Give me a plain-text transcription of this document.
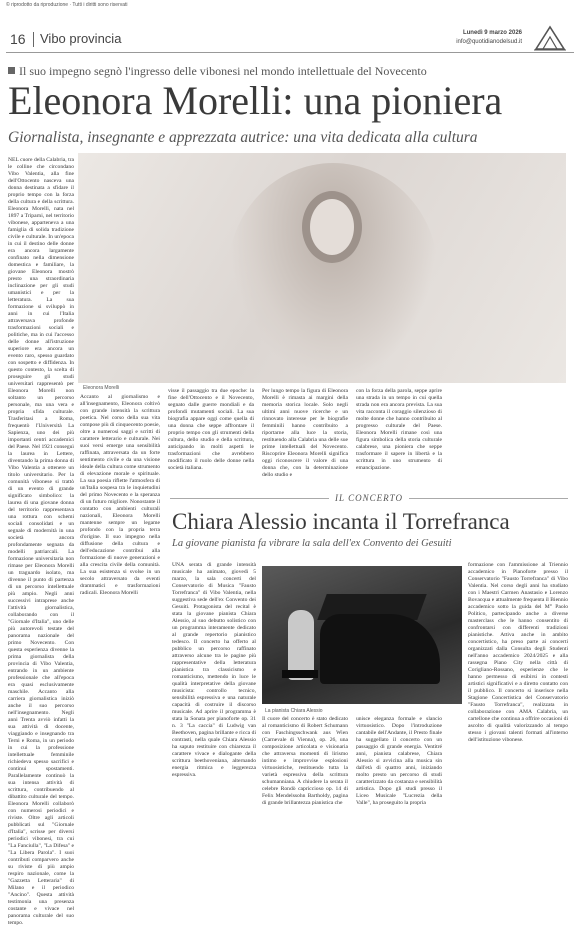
© riprodotto da riproduzione · Tutti i diritti sono riservati
16 Vibo provincia	Lunedì 9 marzo 2026
info@quotidianodelsud.it
Il suo impegno segnò l'ingresso delle vibonesi nel mondo intellettuale del Novecento
Eleonora Morelli: una pioniera
Giornalista, insegnante e apprezzata autrice: una vita dedicata alla cultura
Eleonora Morelli
NEL cuore della Calabria, tra le colline che circondano Vibo Valentia, alla fine dell'Ottocento nasceva una donna destinata a sfidare il proprio tempo con la forza della cultura e della scrittura. Eleonora Morelli, nata nel 1897 a Triparni, nel territorio vibonese, apparteneva a una famiglia di solida tradizione civile e culturale. In un'epoca in cui il destino delle donne era ancora largamente confinato nella dimensione domestica e familiare, la giovane Eleonora mostrò presto una straordinaria inclinazione per gli studi umanistici e per la letteratura. La sua formazione si sviluppò in anni in cui l'Italia attraversava profonde trasformazioni sociali e politiche, ma in cui l'accesso delle donne all'istruzione superiore era ancora un evento raro, spesso guardato con sospetto e diffidenza. In questo contesto, la scelta di proseguire gli studi universitari rappresentò per Eleonora Morelli non soltanto un percorso personale, ma una vera e propria sfida culturale. Trasferitasi a Roma, frequentò l'Università La Sapienza, uno dei più importanti centri accademici del Paese. Nel 1921 conseguì la laurea in Lettere, diventando la prima donna di Vibo Valentia a ottenere un titolo universitario. Per la comunità vibonese si trattò di un evento di grande significato simbolico: la laurea di una giovane donna del territorio rappresentava una rottura con schemi sociali consolidati e un segnale di modernità in una società ancora profondamente segnata da modelli patriarcali. La formazione universitaria non rimase per Eleonora Morelli un traguardo isolato, ma divenne il punto di partenza di un percorso intellettuale più ampio. Negli anni successivi intraprese anche l'attività giornalistica, collaborando con il "Giornale d'Italia", uno delle più autorevoli testate del panorama nazionale del primo Novecento. Con questa esperienza divenne la prima giornalista della provincia di Vibo Valentia, entrando in un ambiente professionale che all'epoca era quasi esclusivamente maschile. Accanto alla carriera giornalistica iniziò anche il suo percorso nell'insegnamento. Negli anni Trenta avviò infatti la sua attività di docente, viaggiando e insegnando tra Terni e Roma, in un periodo in cui la professione intellettuale femminile richiedeva spesso sacrifici e continui spostamenti. Parallelamente continuò la sua intensa attività di scrittura, contribuendo al dibattito culturale del tempo. Eleonora Morelli collaborò con numerosi periodici e riviste. Oltre agli articoli pubblicati sul "Giornale d'Italia", scrisse per diversi periodici vibonesi, tra cui "La Fanciulla", "La Difesa" e "La Libera Parola". I suoi contributi comparvero anche su riviste di più ampio respiro nazionale, come la "Gazzetta Letteraria" di Milano e il periodico "Ancino". Questa attività testimonia una presenza costante e vivace nel panorama culturale del suo tempo.
Accanto al giornalismo e all'insegnamento, Eleonora coltivò con grande intensità la scrittura poetica. Nel corso della sua vita compose più di cinquecento poesie, oltre a numerosi saggi e scritti di carattere letterario e culturale. Nei suoi versi emerge una sensibilità raffinata, attraversata da un forte sentimento civile e da una visione ideale della cultura come strumento di elevazione morale e spirituale. La sua poesia riflette l'atmosfera di un'Italia sospesa tra le inquietudini del primo Novecento e la speranza di un futuro migliore. Nonostante il contatto con ambienti culturali nazionali, Eleonora Morelli mantenne sempre un legame profondo con la propria terra d'origine. Il suo impegno nella diffusione della cultura e dell'educazione contribuì alla formazione di nuove generazioni e alla crescita civile della comunità. La sua esistenza si svolse in un secolo attraversato da eventi drammatici e trasformazioni radicali. Eleonora Morelli
visse il passaggio tra due epoche: la fine dell'Ottocento e il Novecento, segnato dalle guerre mondiali e da profondi mutamenti sociali. La sua biografia appare oggi come quella di una donna che seppe affrontare il proprio tempo con gli strumenti della cultura, dello studio e della scrittura, anticipando in molti aspetti le trasformazioni che avrebbero modificato il ruolo delle donne nella società italiana.
Per lungo tempo la figura di Eleonora Morelli è rimasta ai margini della memoria storica locale. Solo negli ultimi anni nuove ricerche e un rinnovato interesse per le biografie femminili hanno contribuito a riportarne alla luce la storia, restituendo alla Calabria una delle sue prime intellettuali del Novecento. Riscoprire Eleonora Morelli significa oggi riconoscere il valore di una donna che, con la determinazione dello studio e
con la forza della parola, seppe aprire una strada in un tempo in cui quella strada non era ancora prevista. La sua vita racconta il coraggio silenzioso di molte donne che hanno contribuito al progresso culturale del Paese. Eleonora Morelli rimane così una figura simbolica della storia culturale calabrese, una pioniera che seppe trasformare il sapere in libertà e la scrittura in uno strumento di emancipazione.
IL CONCERTO
Chiara Alessio incanta il Torrefranca
La giovane pianista fa vibrare la sala dell'ex Convento dei Gesuiti
La pianista Chiara Alessio
UNA serata di grande intensità musicale ha animato, giovedì 5 marzo, la sala concerti del Conservatorio di Musica "Fausto Torrefranca" di Vibo Valentia, nella suggestiva sede dell'ex Convento dei Gesuiti. Protagonista del recital è stata la giovane pianista Chiara Alessio, al suo debutto solistico con un programma interamente dedicato al grande repertorio pianistico tedesco. Il concerto ha offerto al pubblico un percorso raffinato attraverso alcune tra le pagine più rappresentative della letteratura pianistica tra classicismo e romanticismo, mettendo in luce le qualità interpretative della giovane musicista: controllo tecnico, sensibilità espressiva e una naturale capacità di costruire il discorso musicale. Ad aprire il programma è stata la Sonata per pianoforte op. 31 n. 3 "La caccia" di Ludwig van Beethoven, pagina brillante e ricca di contrasti, nella quale Chiara Alessio ha saputo restituire con chiarezza il carattere vivace e dialogante della scrittura beethoveniana, alternando energia ritmica e leggerezza espressiva.
Il cuore del concerto è stato dedicato al romanticismo di Robert Schumann con Faschingsschwank aus Wien (Carnevale di Vienna), op. 26, una composizione articolata e visionaria che attraversa momenti di lirismo intimo e improvvise esplosioni virtuosistiche, restituendo tutta la varietà espressiva della scrittura schumanniana. A chiudere la serata il celebre Rondò capriccioso op. 14 di Felix Mendelssohn Bartholdy, pagina di grande brillantezza pianistica che
unisce eleganza formale e slancio virtuosistico. Dopo l'introduzione cantabile dell'Andante, il Presto finale ha suggellato il concerto con un passaggio di grande energia. Ventitré anni, pianista calabrese, Chiara Alessio si avvicina alla musica sin dall'età di quattro anni, iniziando molto presto un percorso di studi caratterizzato da costanza e sensibilità artistica. Dopo gli studi presso il Liceo Musicale "Lucrezia della Valle", ha proseguito la propria
formazione con l'ammissione al Triennio accademico in Pianoforte presso il Conservatorio "Fausto Torrefranca" di Vibo Valentia. Nel corso degli anni ha studiato con i Maestri Carmen Anastasio e Lorenzo Bovacqua e attualmente frequenta il Biennio accademico sotto la guida del M° Paolo Politico, partecipando anche a diverse masterclass che le hanno consentito di confrontarsi con differenti tradizioni pianistiche. Attiva anche in ambito concertistico, ha preso parte ai concerti organizzati dalla Consulta degli Studenti nell'anno accademico 2024/2025 e alla rassegna Piano City nella città di Corigliano-Rossano, esperienze che le hanno permesso di esibirsi in contesti artistici significativi e a diretto contatto con il pubblico. Il concerto si inserisce nella Stagione Concertistica del Conservatorio "Fausto Torrefranca", realizzata in collaborazione con AMA Calabria, un cartellone che continua a offrire occasioni di ascolto di qualità valorizzando al tempo stesso i giovani talenti formati all'interno dell'istituzione vibonese.
